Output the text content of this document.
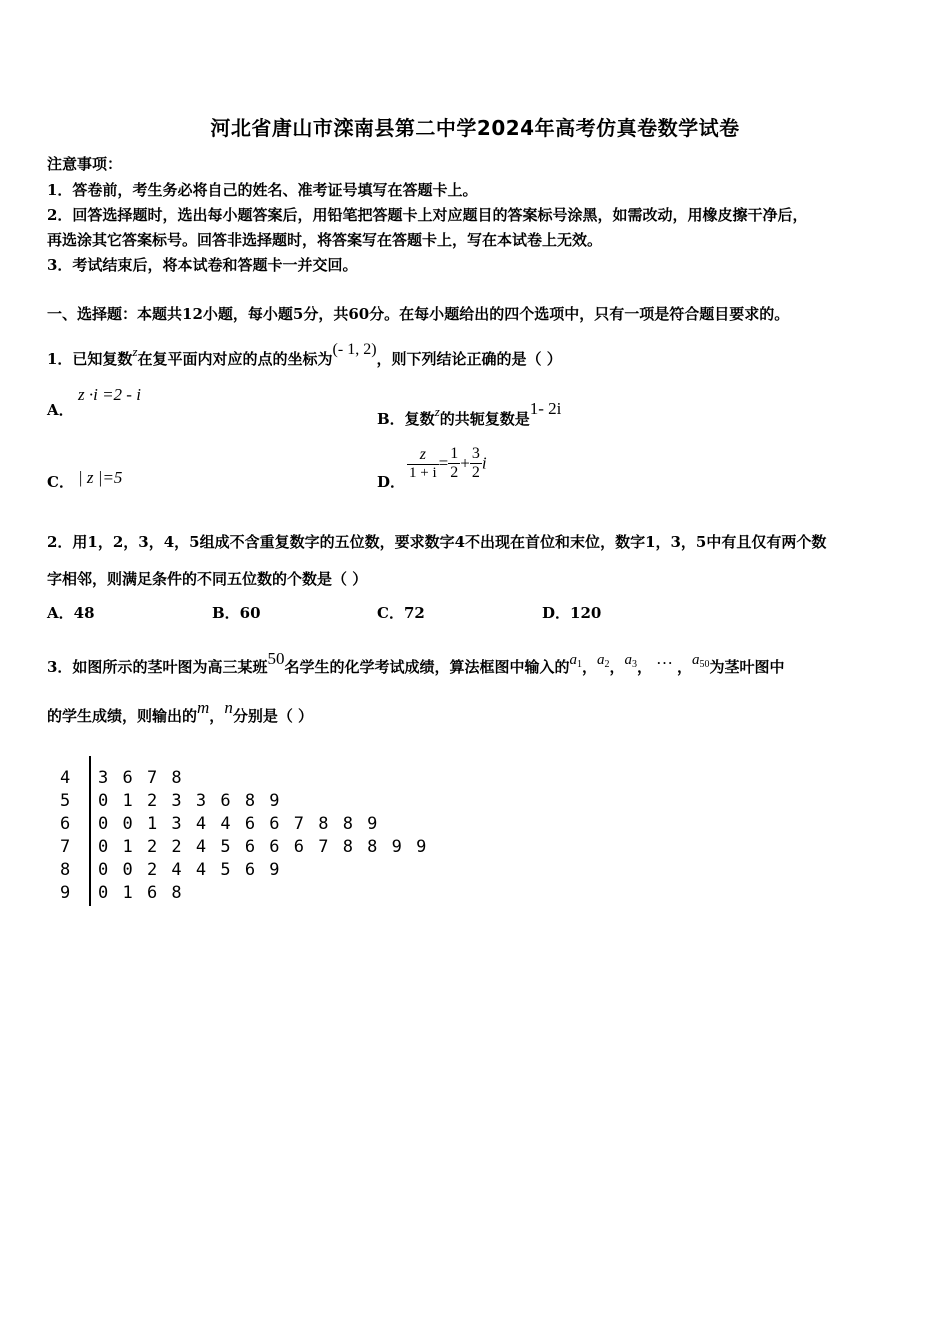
河北省唐山市滦南县第二中学2024年高考仿真卷数学试卷
注意事项：
1．答卷前，考生务必将自己的姓名、准考证号填写在答题卡上。
2．回答选择题时，选出每小题答案后，用铅笔把答题卡上对应题目的答案标号涂黑，如需改动，用橡皮擦干净后，
再选涂其它答案标号。回答非选择题时，将答案写在答题卡上，写在本试卷上无效。
3．考试结束后，将本试卷和答题卡一并交回。
一、选择题：本题共12小题，每小题5分，共60分。在每小题给出的四个选项中，只有一项是符合题目要求的。
1．已知复数z在复平面内对应的点的坐标为(- 1, 2)，则下列结论正确的是（ ）
A．
z ·i =2 - i
B．复数z的共轭复数是1- 2i
C． | z |=5	D．
$\frac{z}{1 + i} = \frac{1}{2} + \frac{3}{2}$ i
2．用1，2，3，4，5组成不含重复数字的五位数，要求数字4不出现在首位和末位，数字1，3，5中有且仅有两个数
字相邻，则满足条件的不同五位数的个数是（ ）
A．48	B．60	C．72	D．120
3．如图所示的茎叶图为高三某班50名学生的化学考试成绩，算法框图中输入的$a_1$，$a_2$，$a_3$， … ，$a_{50}$为茎叶图中
的学生成绩，则输出的m，n分别是（ ）
4	3 6 7 8
5	0 1 2 3 3 6 8 9
6	0 0 1 3 4 4 6 6 7 8 8 9
7	0 1 2 2 4 5 6 6 6 7 8 8 9 9
8	0 0 2 4 4 5 6 9
9	0 1 6 8
